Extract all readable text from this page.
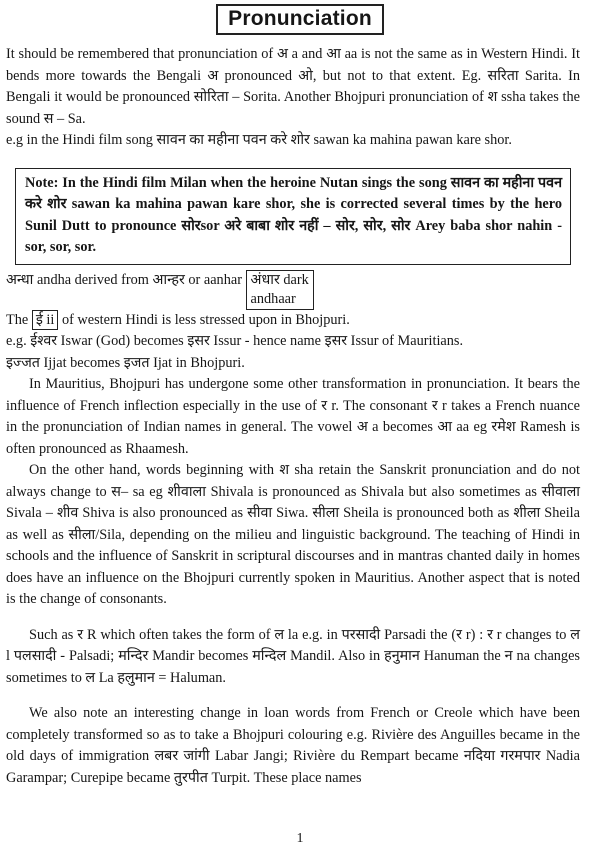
Pronunciation

It should be remembered that pronunciation of अ a and आ aa is not the same as in Western Hindi. It bends more towards the Bengali अ pronounced ओ, but not to that extent. Eg. सरिता Sarita. In Bengali it would be pronounced सोरिता – Sorita. Another Bhojpuri pronunciation of श ssha takes the sound स – Sa.

e.g in the Hindi film song सावन का महीना पवन करे शोर sawan ka mahina pawan kare shor.

Note: In the Hindi film Milan when the heroine Nutan sings the song सावन का महीना पवन करे शोर sawan ka mahina pawan kare shor, she is corrected several times by the hero Sunil Dutt to pronounce सोरsor अरे बाबा शोर नहीं – सोर, सोर, सोर Arey baba shor nahin - sor, sor, sor.

अन्धा andha derived from आन्हर or aanhar अंधार dark
andhaar

The ई ii of western Hindi is less stressed upon in Bhojpuri.

e.g. ईश्वर Iswar (God) becomes इसर Issur - hence name इसर Issur of Mauritians.

इज्जत Ijjat becomes इजत Ijat in Bhojpuri.

In Mauritius, Bhojpuri has undergone some other transformation in pronunciation. It bears the influence of French inflection especially in the use of र r. The consonant र r takes a French nuance in the pronunciation of Indian names in general. The vowel अ a becomes आ aa eg रमेश Ramesh is often pronounced as Rhaamesh.

On the other hand, words beginning with श sha retain the Sanskrit pronunciation and do not always change to स– sa eg शीवाला Shivala is pronounced as Shivala but also sometimes as सीवाला Sivala – शीव Shiva is also pronounced as सीवा Siwa. सीला Sheila is pronounced both as शीला Sheila as well as सीला/Sila, depending on the milieu and linguistic background. The teaching of Hindi in schools and the influence of Sanskrit in scriptural discourses and in mantras chanted daily in homes does have an influence on the Bhojpuri currently spoken in Mauritius. Another aspect that is noted is the change of consonants.

Such as र R which often takes the form of ल la e.g. in परसादी Parsadi the (र r) : र r changes to ल l पलसादी - Palsadi; मन्दिर Mandir becomes मन्दिल Mandil. Also in हनुमान Hanuman the न na changes sometimes to ल La हलुमान = Haluman.

We also note an interesting change in loan words from French or Creole which have been completely transformed so as to take a Bhojpuri colouring e.g. Rivière des Anguilles became in the old days of immigration लबर जांगी Labar Jangi; Rivière du Rempart became नदिया गरमपार Nadia Garampar; Curepipe became तुरपीत Turpit. These place names

1
